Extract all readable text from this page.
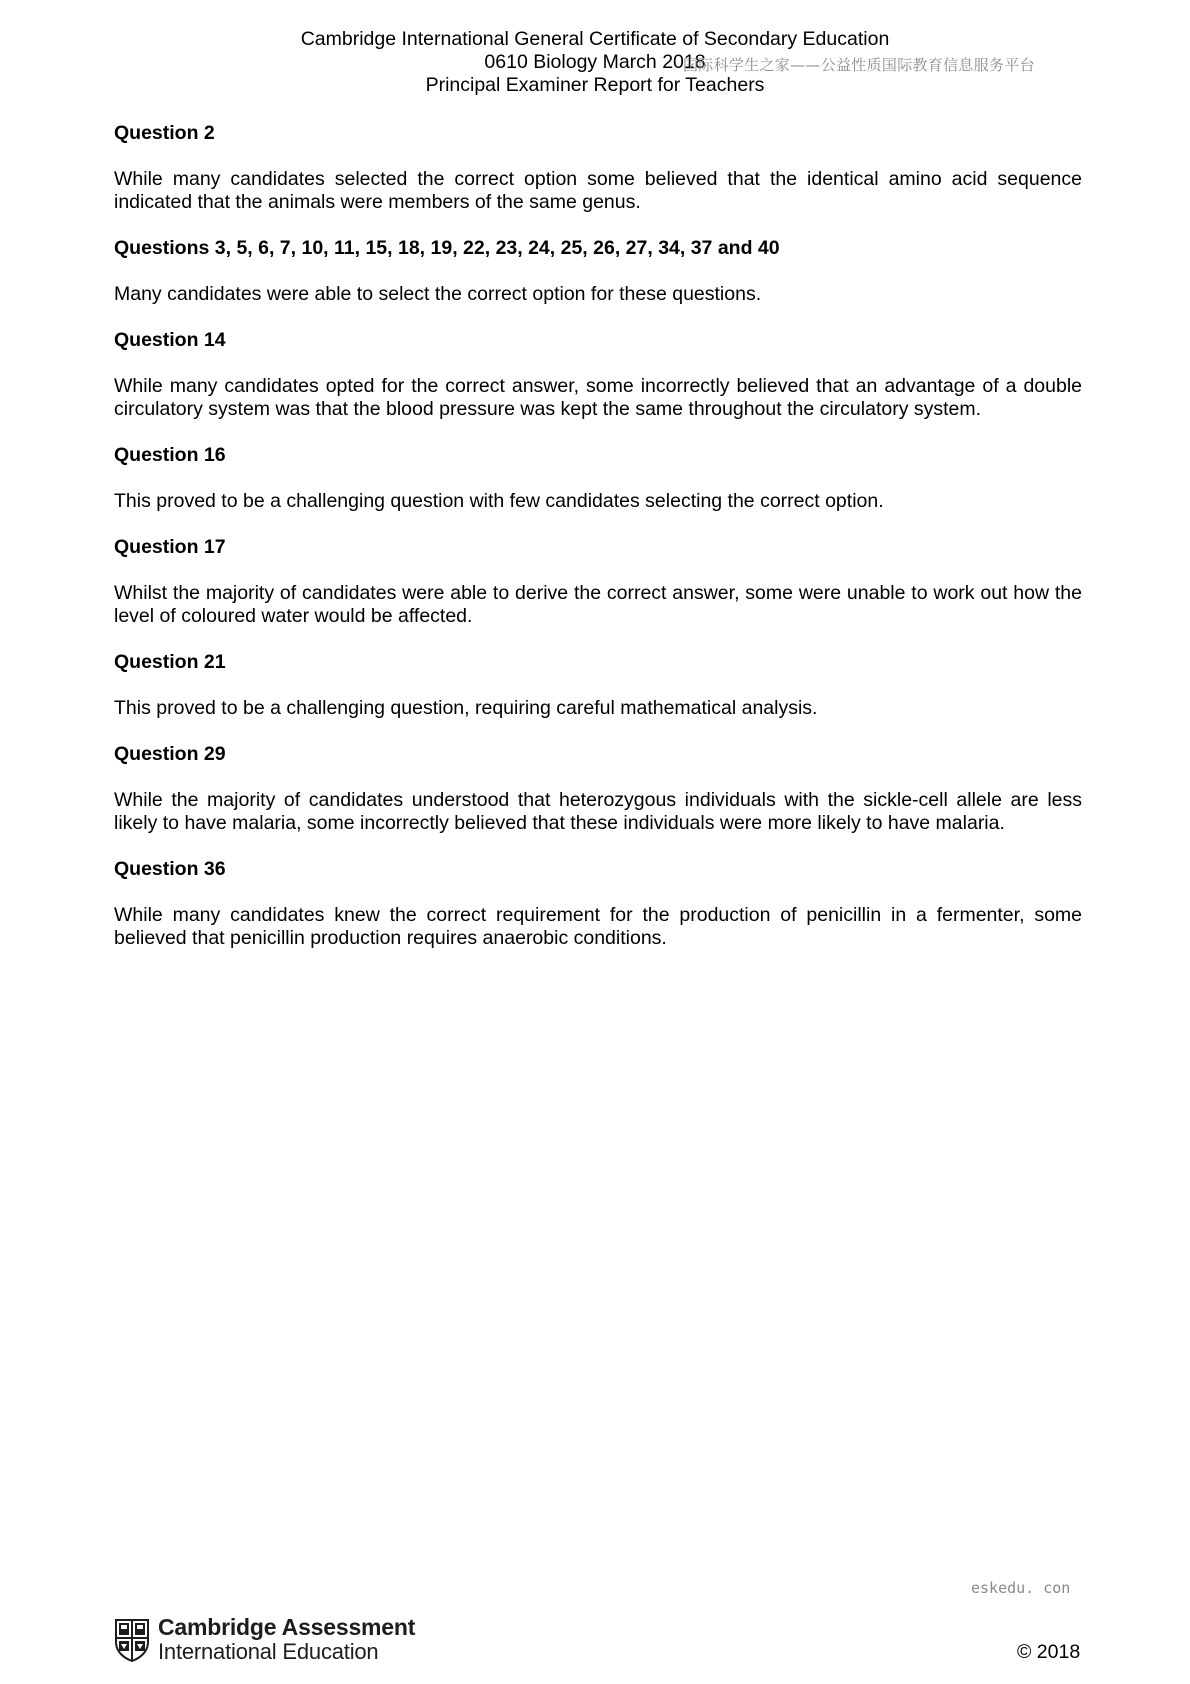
Cambridge International General Certificate of Secondary Education
0610 Biology March 2018
Principal Examiner Report for Teachers
国际科学生之家——公益性质国际教育信息服务平台

Question 2

While many candidates selected the correct option some believed that the identical amino acid sequence indicated that the animals were members of the same genus.

Questions 3, 5, 6, 7, 10, 11, 15, 18, 19, 22, 23, 24, 25, 26, 27, 34, 37 and 40

Many candidates were able to select the correct option for these questions.

Question 14

While many candidates opted for the correct answer, some incorrectly believed that an advantage of a double circulatory system was that the blood pressure was kept the same throughout the circulatory system.

Question 16

This proved to be a challenging question with few candidates selecting the correct option.

Question 17

Whilst the majority of candidates were able to derive the correct answer, some were unable to work out how the level of coloured water would be affected.

Question 21

This proved to be a challenging question, requiring careful mathematical analysis.

Question 29

While the majority of candidates understood that heterozygous individuals with the sickle-cell allele are less likely to have malaria, some incorrectly believed that these individuals were more likely to have malaria.

Question 36

While many candidates knew the correct requirement for the production of penicillin in a fermenter, some believed that penicillin production requires anaerobic conditions.

eskedu. con
Cambridge Assessment
International Education	© 2018
